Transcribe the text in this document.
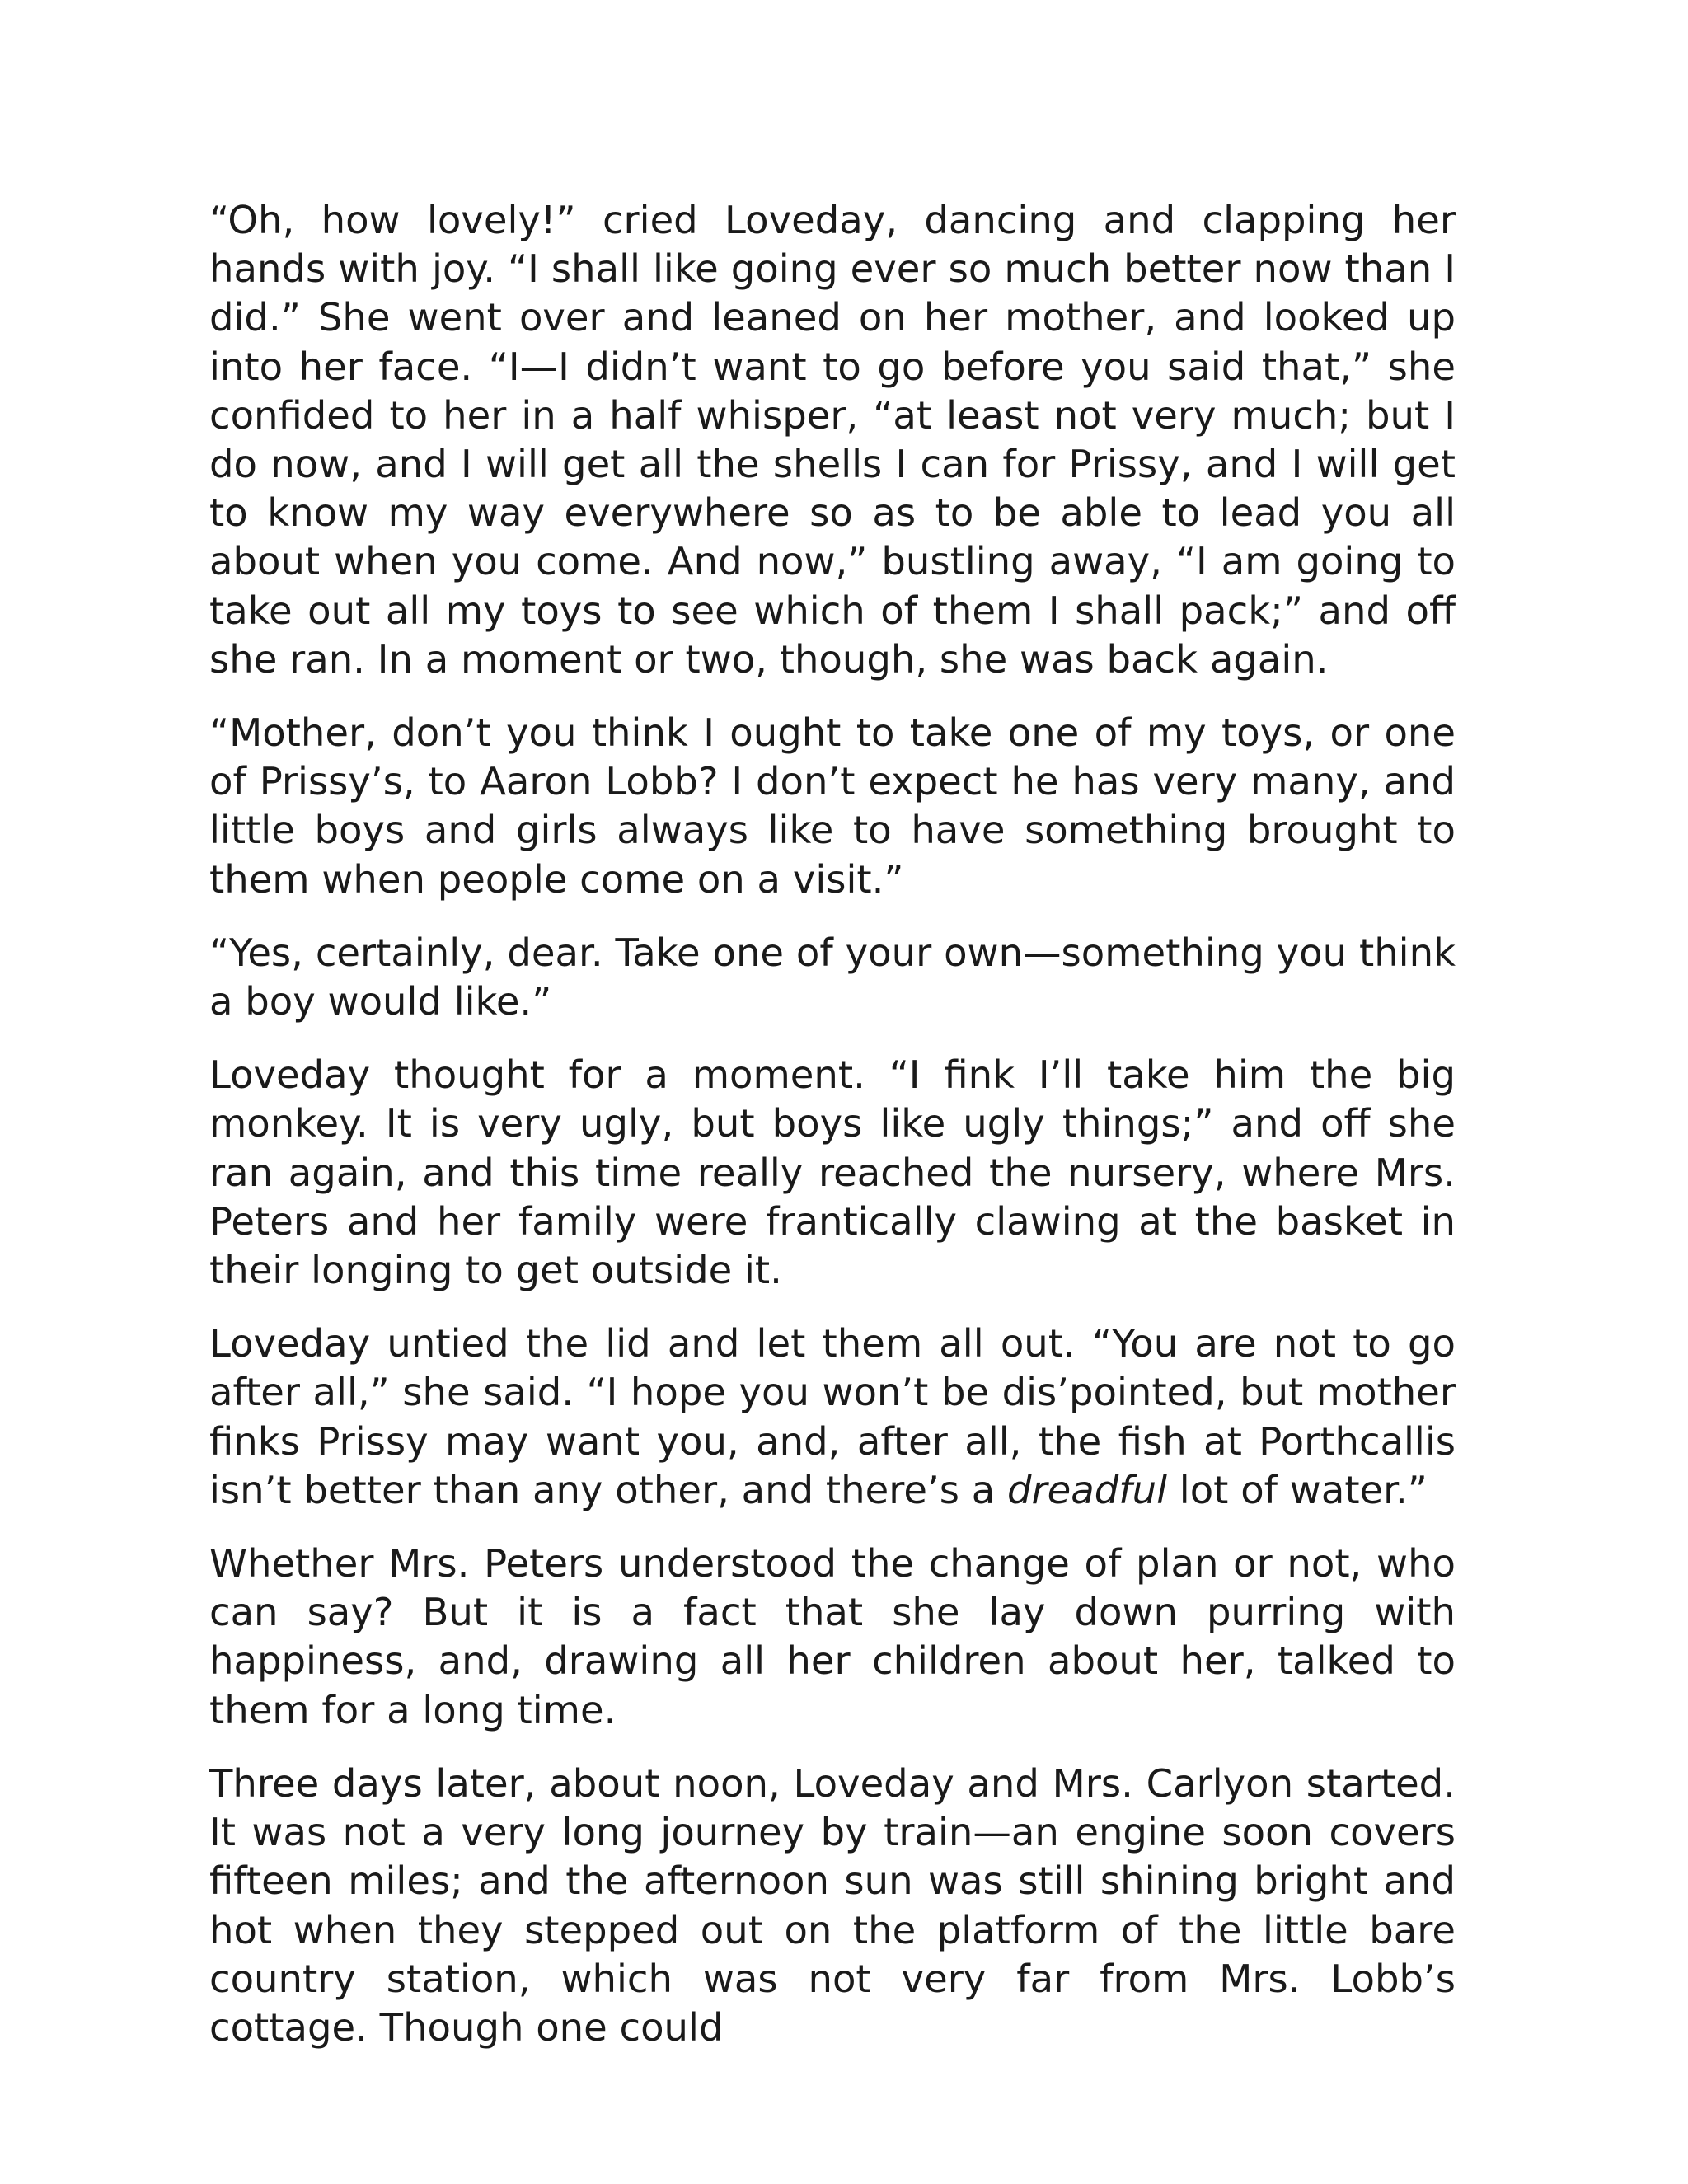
“Oh, how lovely!” cried Loveday, dancing and clapping her hands with joy. “I shall like going ever so much better now than I did.” She went over and leaned on her mother, and looked up into her face. “I—I didn’t want to go before you said that,” she confided to her in a half whisper, “at least not very much; but I do now, and I will get all the shells I can for Prissy, and I will get to know my way everywhere so as to be able to lead you all about when you come. And now,” bustling away, “I am going to take out all my toys to see which of them I shall pack;” and off she ran. In a moment or two, though, she was back again.

“Mother, don’t you think I ought to take one of my toys, or one of Prissy’s, to Aaron Lobb? I don’t expect he has very many, and little boys and girls always like to have something brought to them when people come on a visit.”

“Yes, certainly, dear. Take one of your own—something you think a boy would like.”

Loveday thought for a moment. “I fink I’ll take him the big monkey. It is very ugly, but boys like ugly things;” and off she ran again, and this time really reached the nursery, where Mrs. Peters and her family were frantically clawing at the basket in their longing to get outside it.

Loveday untied the lid and let them all out. “You are not to go after all,” she said. “I hope you won’t be dis’pointed, but mother finks Prissy may want you, and, after all, the fish at Porthcallis isn’t better than any other, and there’s a dreadful lot of water.”

Whether Mrs. Peters understood the change of plan or not, who can say? But it is a fact that she lay down purring with happiness, and, drawing all her children about her, talked to them for a long time.

Three days later, about noon, Loveday and Mrs. Carlyon started. It was not a very long journey by train—an engine soon covers fifteen miles; and the afternoon sun was still shining bright and hot when they stepped out on the platform of the little bare country station, which was not very far from Mrs. Lobb’s cottage. Though one could
